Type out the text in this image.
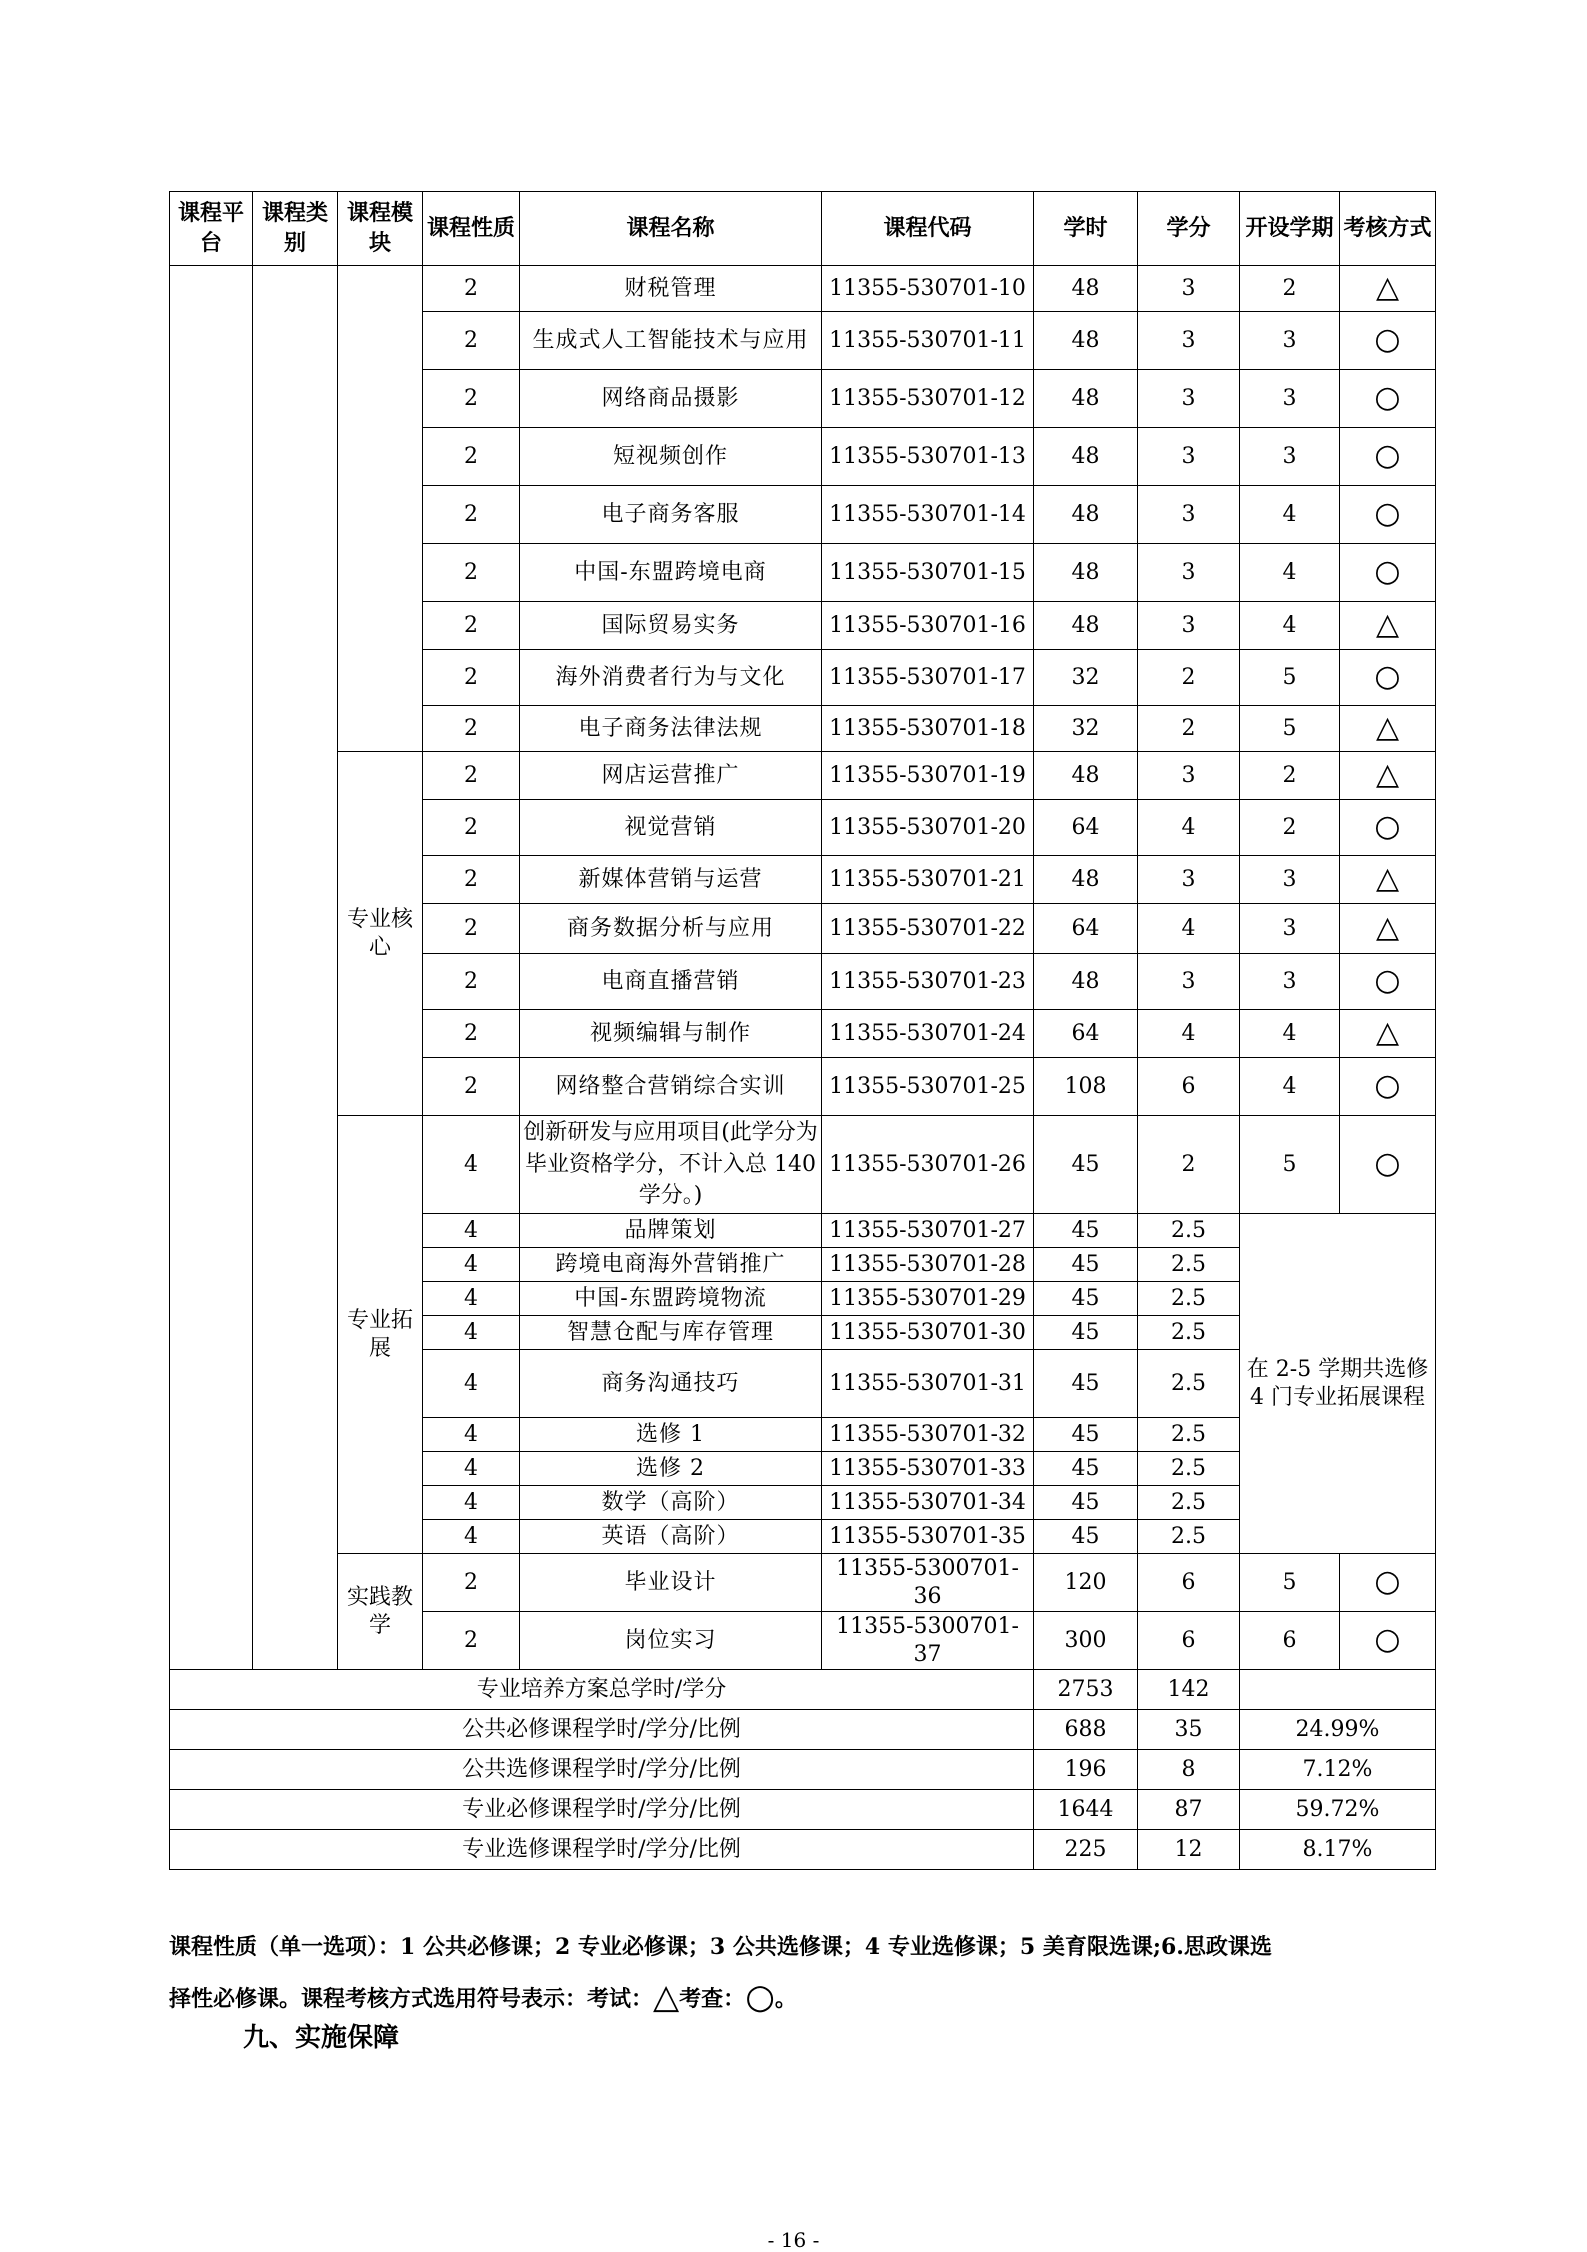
课程平台	课程类别	课程模块	课程性质	课程名称	课程代码	学时	学分	开设学期	考核方式
			2	财税管理	11355-530701-10	48	3	2	△
			2	生成式人工智能技术与应用	11355-530701-11	48	3	3	○
			2	网络商品摄影	11355-530701-12	48	3	3	○
			2	短视频创作	11355-530701-13	48	3	3	○
			2	电子商务客服	11355-530701-14	48	3	4	○
			2	中国-东盟跨境电商	11355-530701-15	48	3	4	○
			2	国际贸易实务	11355-530701-16	48	3	4	△
			2	海外消费者行为与文化	11355-530701-17	32	2	5	○
			2	电子商务法律法规	11355-530701-18	32	2	5	△
		专业核心	2	网店运营推广	11355-530701-19	48	3	2	△
			2	视觉营销	11355-530701-20	64	4	2	○
			2	新媒体营销与运营	11355-530701-21	48	3	3	△
			2	商务数据分析与应用	11355-530701-22	64	4	3	△
			2	电商直播营销	11355-530701-23	48	3	3	○
			2	视频编辑与制作	11355-530701-24	64	4	4	△
			2	网络整合营销综合实训	11355-530701-25	108	6	4	○
		专业拓展	4	创新研发与应用项目(此学分为毕业资格学分，不计入总 140 学分。)	11355-530701-26	45	2	5	○
			4	品牌策划	11355-530701-27	45	2.5	在 2-5 学期共选修 4 门专业拓展课程	
			4	跨境电商海外营销推广	11355-530701-28	45	2.5		
			4	中国-东盟跨境物流	11355-530701-29	45	2.5		
			4	智慧仓配与库存管理	11355-530701-30	45	2.5		
			4	商务沟通技巧	11355-530701-31	45	2.5		
			4	选修 1	11355-530701-32	45	2.5		
			4	选修 2	11355-530701-33	45	2.5		
			4	数学（高阶）	11355-530701-34	45	2.5		
			4	英语（高阶）	11355-530701-35	45	2.5		
		实践教学	2	毕业设计	11355-5300701-36	120	6	5	○
			2	岗位实习	11355-5300701-37	300	6	6	○
专业培养方案总学时/学分						2753	142		
公共必修课程学时/学分/比例						688	35	24.99%	
公共选修课程学时/学分/比例						196	8	7.12%	
专业必修课程学时/学分/比例						1644	87	59.72%	
专业选修课程学时/学分/比例						225	12	8.17%	
课程性质（单一选项）：1 公共必修课；2 专业必修课；3 公共选修课；4 专业选修课；5 美育限选课;6.思政课选
择性必修课。课程考核方式选用符号表示：考试：△考查：○。
九、实施保障
- 16 -
